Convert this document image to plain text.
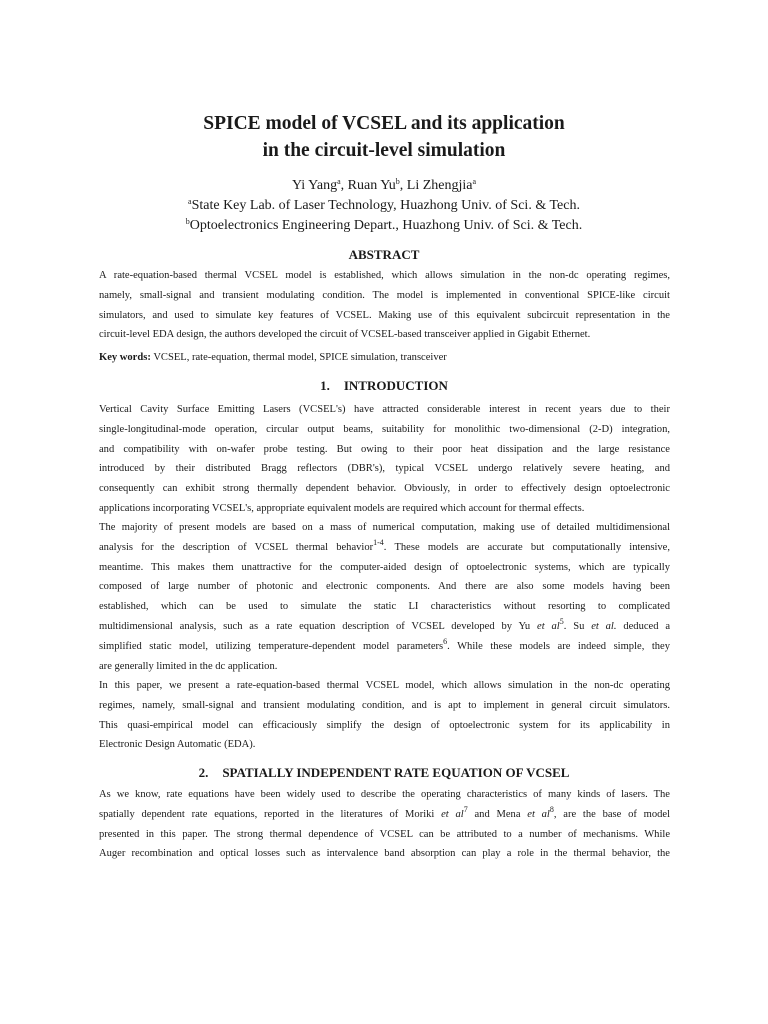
SPICE model of VCSEL and its application
in the circuit-level simulation
Yi Yang$^a$, Ruan Yu$^b$, Li Zhengjia$^a$
$^a$State Key Lab. of Laser Technology, Huazhong Univ. of Sci. & Tech.
$^b$Optoelectronics Engineering Depart., Huazhong Univ. of Sci. & Tech.
ABSTRACT
A rate-equation-based thermal VCSEL model is established, which allows simulation in the non-dc operating regimes,
namely, small-signal and transient modulating condition. The model is implemented in conventional SPICE-like circuit
simulators, and used to simulate key features of VCSEL. Making use of this equivalent subcircuit representation in the
circuit-level EDA design, the authors developed the circuit of VCSEL-based transceiver applied in Gigabit Ethernet.
Key words: VCSEL, rate-equation, thermal model, SPICE simulation, transceiver
1. INTRODUCTION
Vertical Cavity Surface Emitting Lasers (VCSEL's) have attracted considerable interest in recent years due to their
single-longitudinal-mode operation, circular output beams, suitability for monolithic two-dimensional (2-D) integration,
and compatibility with on-wafer probe testing. But owing to their poor heat dissipation and the large resistance
introduced by their distributed Bragg reflectors (DBR's), typical VCSEL undergo relatively severe heating, and
consequently can exhibit strong thermally dependent behavior. Obviously, in order to effectively design optoelectronic
applications incorporating VCSEL's, appropriate equivalent models are required which account for thermal effects.
The majority of present models are based on a mass of numerical computation, making use of detailed multidimensional
analysis for the description of VCSEL thermal behavior$^{1-4}$. These models are accurate but computationally intensive,
meantime. This makes them unattractive for the computer-aided design of optoelectronic systems, which are typically
composed of large number of photonic and electronic components. And there are also some models having been
established, which can be used to simulate the static LI characteristics without resorting to complicated
multidimensional analysis, such as a rate equation description of VCSEL developed by Yu et $al^5$. Su et al. deduced a
simplified static model, utilizing temperature-dependent model parameters$^6$. While these models are indeed simple, they
are generally limited in the dc application.
In this paper, we present a rate-equation-based thermal VCSEL model, which allows simulation in the non-dc operating
regimes, namely, small-signal and transient modulating condition, and is apt to implement in general circuit simulators.
This quasi-empirical model can efficaciously simplify the design of optoelectronic system for its applicability in
Electronic Design Automatic (EDA).
2. SPATIALLY INDEPENDENT RATE EQUATION OF VCSEL
As we know, rate equations have been widely used to describe the operating characteristics of many kinds of lasers. The
spatially dependent rate equations, reported in the literatures of Moriki et $al^7$ and Mena et $al^8$, are the base of model
presented in this paper. The strong thermal dependence of VCSEL can be attributed to a number of mechanisms. While
Auger recombination and optical losses such as intervalence band absorption can play a role in the thermal behavior, the
